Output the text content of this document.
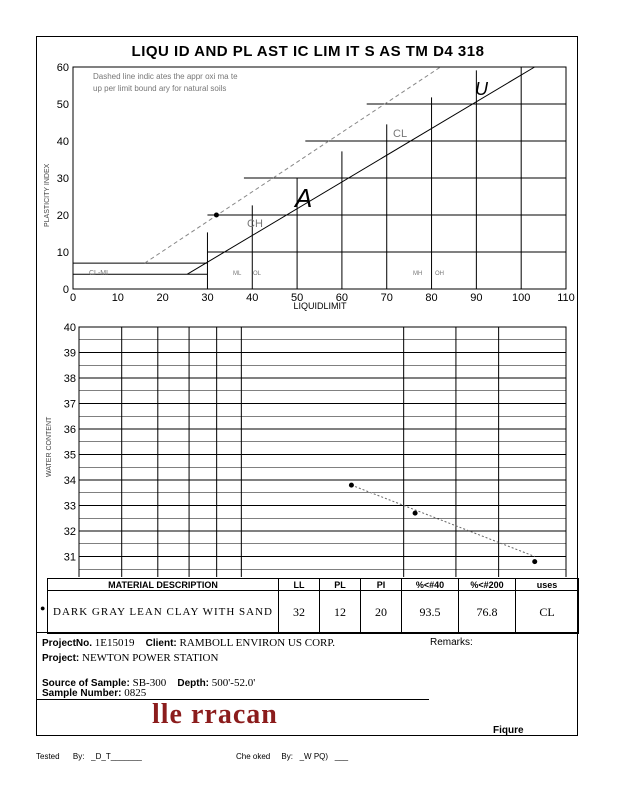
LIQU ID AND PL AST IC LIM IT S AS TM D4 318
0	10	20	30	40	50	60	70	80	90	100 110
0
10
20
30
40
50
60
Dashed line indic ates the appr oxi ma te
up per limit bound ary for natural soils
PLASTICITY INDEX
LIQUIDLIMIT
A
U
CL
CH
ML OL	MH OH
CL-ML
31
32
33
34
35
36
37
38
39
40
WATER CONTENT
●
MATERIAL DESCRIPTION	LL	PL	PI	%<#40	%<#200	uses
DARK GRAY LEAN CLAY WITH SAND	32	12	20	93.5	76.8	CL
ProjectNo. 1E15019 Client: RAMBOLL ENVIRON US CORP.	Remarks:
Project: NEWTON POWER STATION
Source of Sample: SB-300 Depth: 500'-52.0'
Sample Number: 0825
lle rracan
Fiqure
Tested By: _D_T_______	Che oked By: _W PQ) ___
